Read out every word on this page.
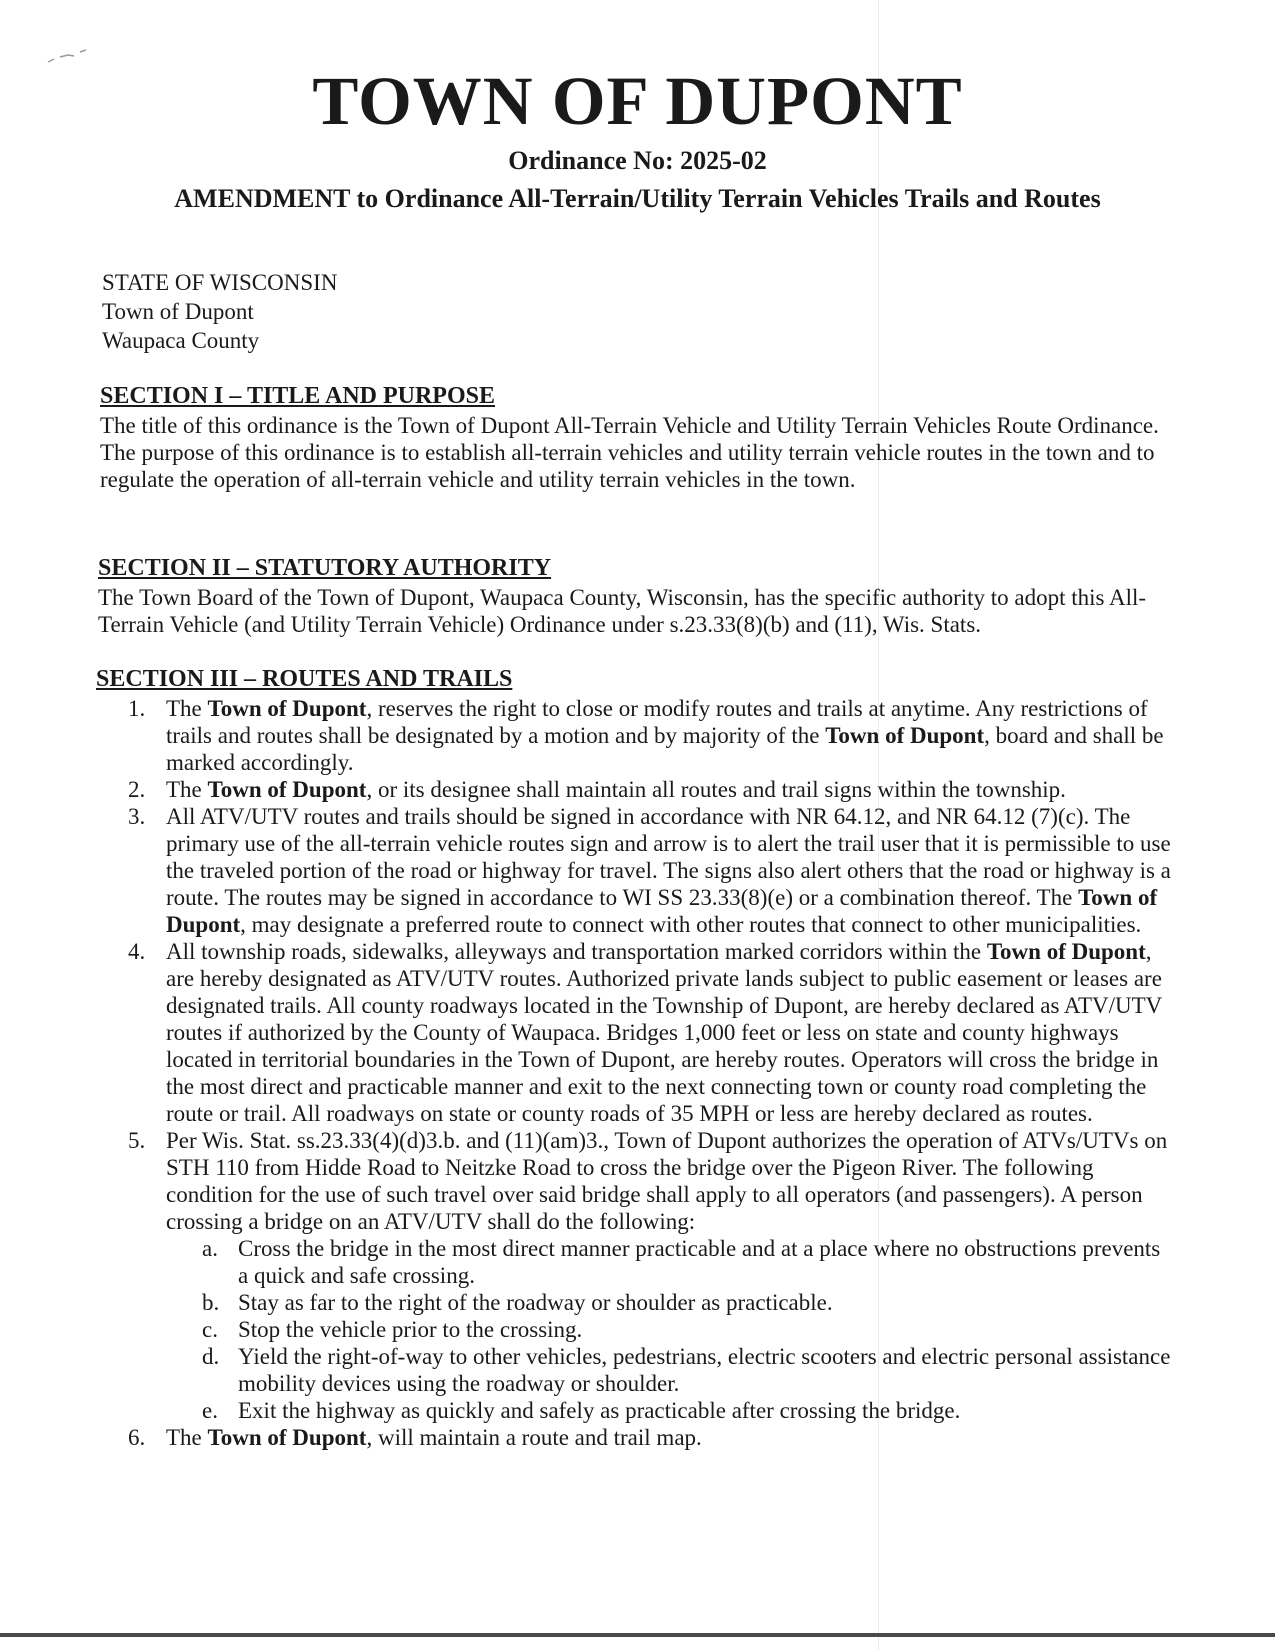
TOWN OF DUPONT
Ordinance No: 2025-02
AMENDMENT to Ordinance All-Terrain/Utility Terrain Vehicles Trails and Routes
STATE OF WISCONSIN
Town of Dupont
Waupaca County

SECTION I – TITLE AND PURPOSE

The title of this ordinance is the Town of Dupont All-Terrain Vehicle and Utility Terrain Vehicles Route Ordinance. The purpose of this ordinance is to establish all-terrain vehicles and utility terrain vehicle routes in the town and to regulate the operation of all-terrain vehicle and utility terrain vehicles in the town.

SECTION II – STATUTORY AUTHORITY

The Town Board of the Town of Dupont, Waupaca County, Wisconsin, has the specific authority to adopt this All-Terrain Vehicle (and Utility Terrain Vehicle) Ordinance under s.23.33(8)(b) and (11), Wis. Stats.

SECTION III – ROUTES AND TRAILS

1. The Town of Dupont, reserves the right to close or modify routes and trails at anytime. Any restrictions of trails and routes shall be designated by a motion and by majority of the Town of Dupont, board and shall be marked accordingly.
2. The Town of Dupont, or its designee shall maintain all routes and trail signs within the township.
3. All ATV/UTV routes and trails should be signed in accordance with NR 64.12, and NR 64.12 (7)(c). The primary use of the all-terrain vehicle routes sign and arrow is to alert the trail user that it is permissible to use the traveled portion of the road or highway for travel. The signs also alert others that the road or highway is a route. The routes may be signed in accordance to WI SS 23.33(8)(e) or a combination thereof. The Town of Dupont, may designate a preferred route to connect with other routes that connect to other municipalities.
4. All township roads, sidewalks, alleyways and transportation marked corridors within the Town of Dupont, are hereby designated as ATV/UTV routes. Authorized private lands subject to public easement or leases are designated trails. All county roadways located in the Township of Dupont, are hereby declared as ATV/UTV routes if authorized by the County of Waupaca. Bridges 1,000 feet or less on state and county highways located in territorial boundaries in the Town of Dupont, are hereby routes. Operators will cross the bridge in the most direct and practicable manner and exit to the next connecting town or county road completing the route or trail. All roadways on state or county roads of 35 MPH or less are hereby declared as routes.
5. Per Wis. Stat. ss.23.33(4)(d)3.b. and (11)(am)3., Town of Dupont authorizes the operation of ATVs/UTVs on STH 110 from Hidde Road to Neitzke Road to cross the bridge over the Pigeon River. The following condition for the use of such travel over said bridge shall apply to all operators (and passengers). A person crossing a bridge on an ATV/UTV shall do the following:
a. Cross the bridge in the most direct manner practicable and at a place where no obstructions prevents a quick and safe crossing.
b. Stay as far to the right of the roadway or shoulder as practicable.
c. Stop the vehicle prior to the crossing.
d. Yield the right-of-way to other vehicles, pedestrians, electric scooters and electric personal assistance mobility devices using the roadway or shoulder.
e. Exit the highway as quickly and safely as practicable after crossing the bridge.
6. The Town of Dupont, will maintain a route and trail map.
